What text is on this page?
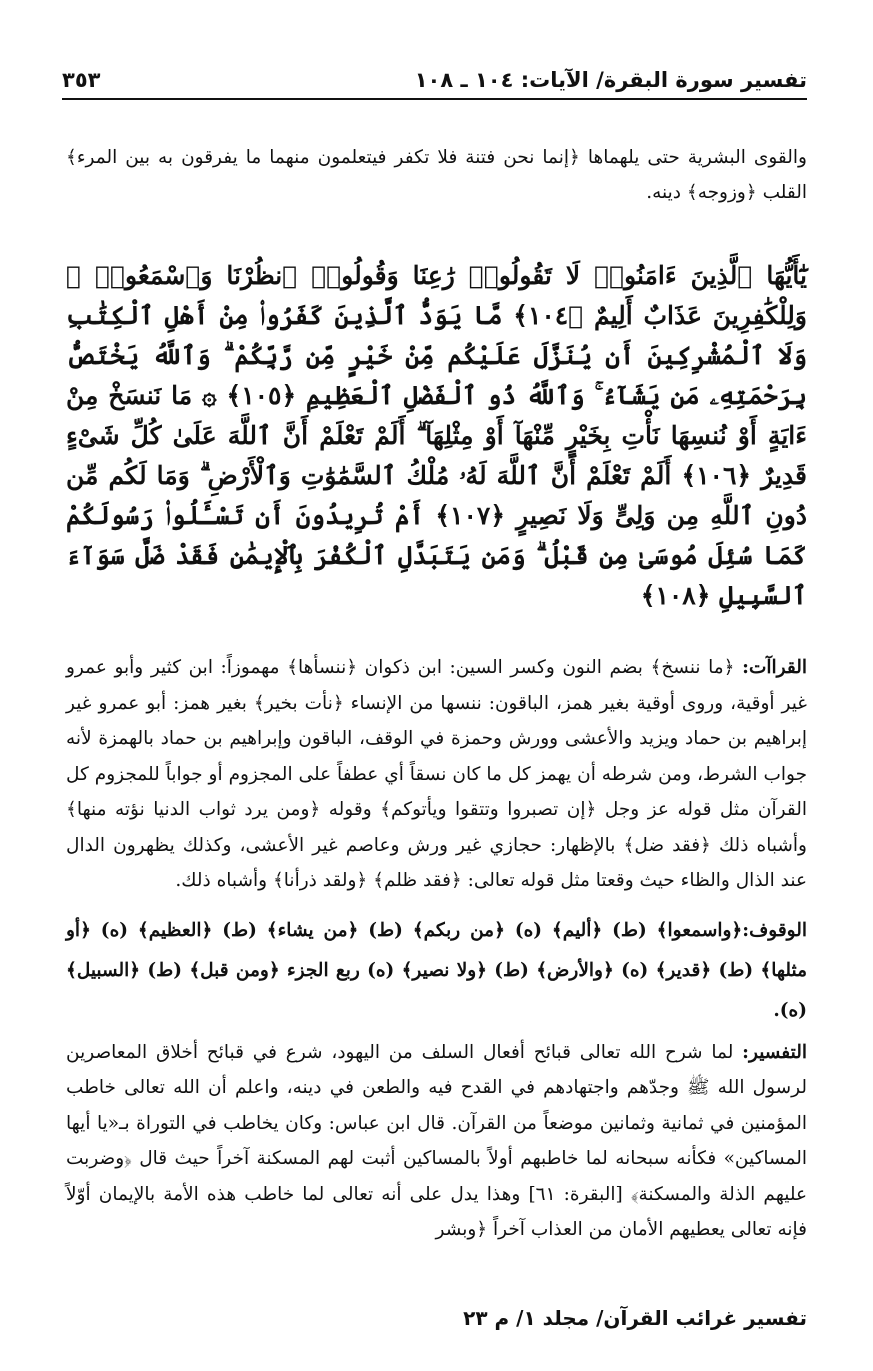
تفسير سورة البقرة/ الآيات: ١٠٤ ـ ١٠٨
٣٥٣

والقوى البشرية حتى يلهماها ﴿إنما نحن فتنة فلا تكفر فيتعلمون منهما ما يفرقون به بين المرء﴾ القلب ﴿وزوجه﴾ دينه.

يَٰٓأَيُّهَا ٱلَّذِينَ ءَامَنُوا۟ لَا تَقُولُوا۟ رَٰعِنَا وَقُولُوا۟ ٱنظُرْنَا وَٱسْمَعُوا۟ ۗ وَلِلْكَٰفِرِينَ عَذَابٌ أَلِيمٌ ﴿١٠٤﴾ مَّا يَوَدُّ ٱلَّذِينَ كَفَرُوا۟ مِنْ أَهْلِ ٱلْكِتَٰبِ وَلَا ٱلْمُشْرِكِينَ أَن يُنَزَّلَ عَلَيْكُم مِّنْ خَيْرٍ مِّن رَّبِّكُمْ ۗ وَٱللَّهُ يَخْتَصُّ بِرَحْمَتِهِۦ مَن يَشَآءُ ۚ وَٱللَّهُ ذُو ٱلْفَضْلِ ٱلْعَظِيمِ ﴿١٠٥﴾ ۞ مَا نَنسَخْ مِنْ ءَايَةٍ أَوْ نُنسِهَا نَأْتِ بِخَيْرٍ مِّنْهَآ أَوْ مِثْلِهَآ ۗ أَلَمْ تَعْلَمْ أَنَّ ٱللَّهَ عَلَىٰ كُلِّ شَىْءٍ قَدِيرٌ ﴿١٠٦﴾ أَلَمْ تَعْلَمْ أَنَّ ٱللَّهَ لَهُۥ مُلْكُ ٱلسَّمَٰوَٰتِ وَٱلْأَرْضِ ۗ وَمَا لَكُم مِّن دُونِ ٱللَّهِ مِن وَلِىٍّ وَلَا نَصِيرٍ ﴿١٠٧﴾ أَمْ تُرِيدُونَ أَن تَسْـَٔلُوا۟ رَسُولَكُمْ كَمَا سُئِلَ مُوسَىٰ مِن قَبْلُ ۗ وَمَن يَتَبَدَّلِ ٱلْكُفْرَ بِٱلْإِيمَٰنِ فَقَدْ ضَلَّ سَوَآءَ ٱلسَّبِيلِ ﴿١٠٨﴾

القراآت: ﴿ما ننسخ﴾ بضم النون وكسر السين: ابن ذكوان ﴿ننسأها﴾ مهموزاً: ابن كثير وأبو عمرو غير أوقية، وروى أوقية بغير همز، الباقون: ننسها من الإنساء ﴿نأت بخير﴾ بغير همز: أبو عمرو غير إبراهيم بن حماد ويزيد والأعشى وورش وحمزة في الوقف، الباقون وإبراهيم بن حماد بالهمزة لأنه جواب الشرط، ومن شرطه أن يهمز كل ما كان نسقاً أي عطفاً على المجزوم أو جواباً للمجزوم كل القرآن مثل قوله عز وجل ﴿إن تصبروا وتتقوا ويأتوكم﴾ وقوله ﴿ومن يرد ثواب الدنيا نؤته منها﴾ وأشباه ذلك ﴿فقد ضل﴾ بالإظهار: حجازي غير ورش وعاصم غير الأعشى، وكذلك يظهرون الدال عند الذال والظاء حيث وقعتا مثل قوله تعالى: ﴿فقد ظلم﴾ ﴿ولقد ذرأنا﴾ وأشباه ذلك.

الوقوف:﴿واسمعوا﴾ (ط) ﴿أليم﴾ (ه) ﴿من ربكم﴾ (ط) ﴿من يشاء﴾ (ط) ﴿العظيم﴾ (ه) ﴿أو مثلها﴾ (ط) ﴿قدير﴾ (ه) ﴿والأرض﴾ (ط) ﴿ولا نصير﴾ (ه) ربع الجزء ﴿ومن قبل﴾ (ط) ﴿السبيل﴾ (ه).

التفسير: لما شرح الله تعالى قبائح أفعال السلف من اليهود، شرع في قبائح أخلاق المعاصرين لرسول الله ﷺ وجدّهم واجتهادهم في القدح فيه والطعن في دينه، واعلم أن الله تعالى خاطب المؤمنين في ثمانية وثمانين موضعاً من القرآن. قال ابن عباس: وكان يخاطب في التوراة بـ«يا أيها المساكين» فكأنه سبحانه لما خاطبهم أولاً بالمساكين أثبت لهم المسكنة آخراً حيث قال ﴿وضربت عليهم الذلة والمسكنة﴾ [البقرة: ٦١] وهذا يدل على أنه تعالى لما خاطب هذه الأمة بالإيمان أوّلاً فإنه تعالى يعطيهم الأمان من العذاب آخراً ﴿وبشر

تفسير غرائب القرآن/ مجلد ١/ م ٢٣
